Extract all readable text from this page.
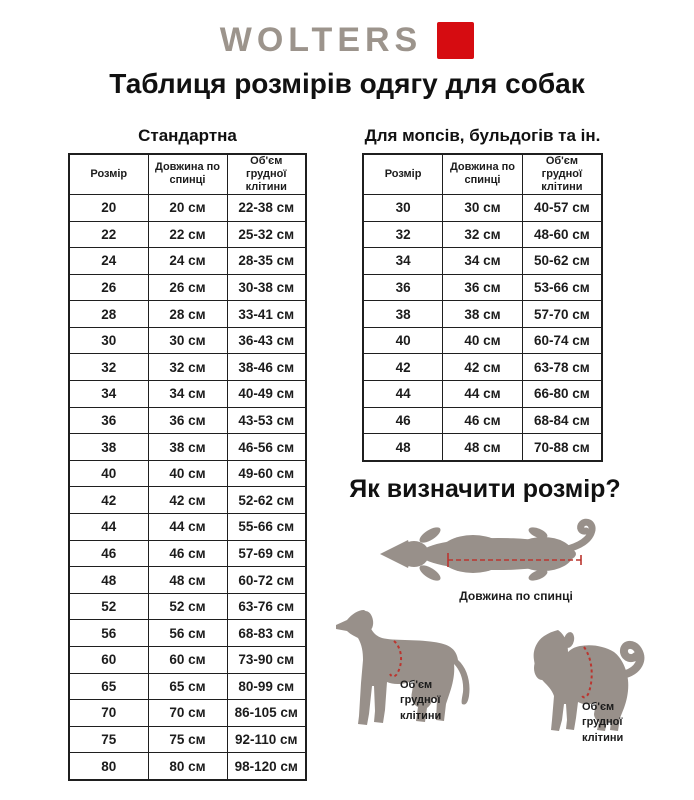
WOLTERS
Таблиця розмірів одягу для собак
Стандартна
Розмір	Довжина по спинці	Об'єм грудної клітини
20	20 см	22-38 см
22	22 см	25-32 см
24	24 см	28-35 см
26	26 см	30-38 см
28	28 см	33-41 см
30	30 см	36-43 см
32	32 см	38-46 см
34	34 см	40-49 см
36	36 см	43-53 см
38	38 см	46-56 см
40	40 см	49-60 см
42	42 см	52-62 см
44	44 см	55-66 см
46	46 см	57-69 см
48	48 см	60-72 см
52	52 см	63-76 см
56	56 см	68-83 см
60	60 см	73-90 см
65	65 см	80-99 см
70	70 см	86-105 см
75	75 см	92-110 см
80	80 см	98-120 см
Для мопсів, бульдогів та ін.
Розмір	Довжина по спинці	Об'єм грудної клітини
30	30 см	40-57 см
32	32 см	48-60 см
34	34 см	50-62 см
36	36 см	53-66 см
38	38 см	57-70 см
40	40 см	60-74 см
42	42 см	63-78 см
44	44 см	66-80 см
46	46 см	68-84 см
48	48 см	70-88 см
Як визначити розмір?
Довжина по спинці
Об'єм грудної клітини
Об'єм грудної клітини
